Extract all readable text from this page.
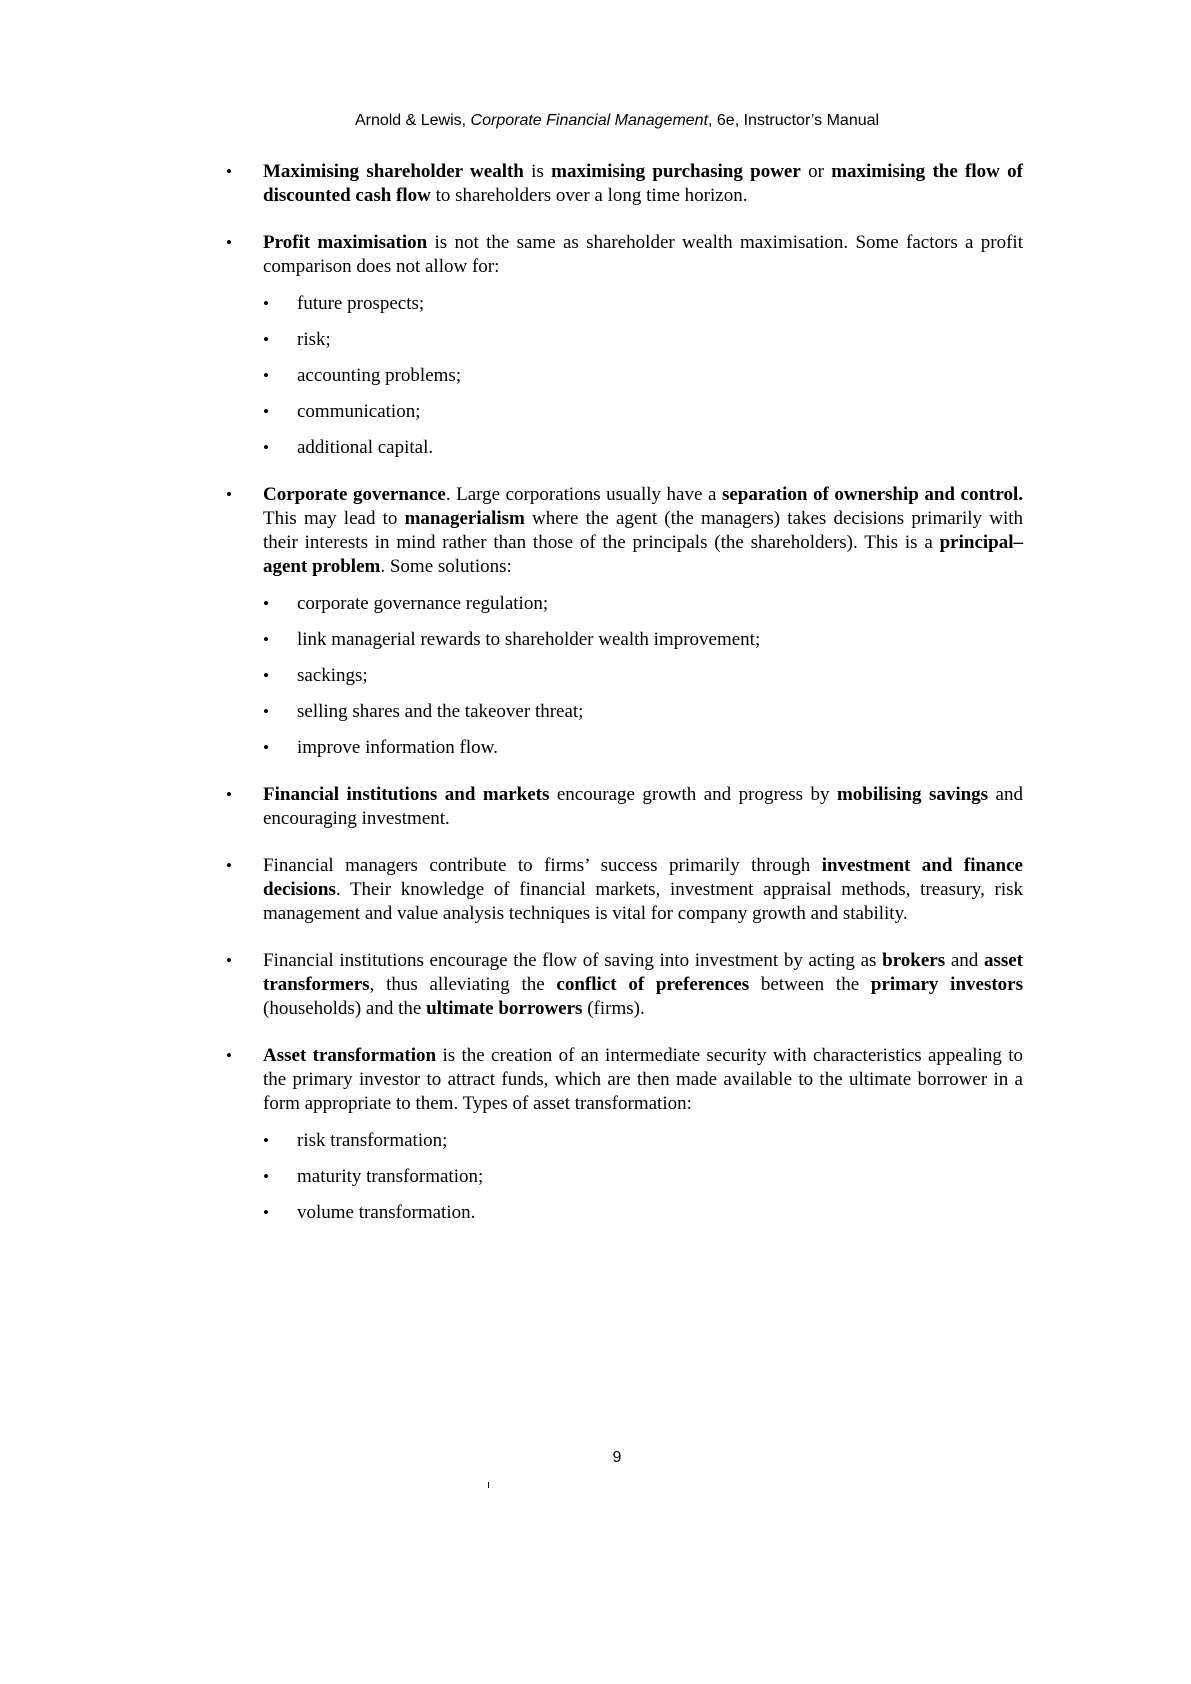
Arnold & Lewis, Corporate Financial Management, 6e, Instructor’s Manual
• Maximising shareholder wealth is maximising purchasing power or maximising the flow of discounted cash flow to shareholders over a long time horizon.
• Profit maximisation is not the same as shareholder wealth maximisation. Some factors a profit comparison does not allow for:
• future prospects;
• risk;
• accounting problems;
• communication;
• additional capital.
• Corporate governance. Large corporations usually have a separation of ownership and control. This may lead to managerialism where the agent (the managers) takes decisions primarily with their interests in mind rather than those of the principals (the shareholders). This is a principal–agent problem. Some solutions:
• corporate governance regulation;
• link managerial rewards to shareholder wealth improvement;
• sackings;
• selling shares and the takeover threat;
• improve information flow.
• Financial institutions and markets encourage growth and progress by mobilising savings and encouraging investment.
• Financial managers contribute to firms’ success primarily through investment and finance decisions. Their knowledge of financial markets, investment appraisal methods, treasury, risk management and value analysis techniques is vital for company growth and stability.
• Financial institutions encourage the flow of saving into investment by acting as brokers and asset transformers, thus alleviating the conflict of preferences between the primary investors (households) and the ultimate borrowers (firms).
• Asset transformation is the creation of an intermediate security with characteristics appealing to the primary investor to attract funds, which are then made available to the ultimate borrower in a form appropriate to them. Types of asset transformation:
• risk transformation;
• maturity transformation;
• volume transformation.
9
